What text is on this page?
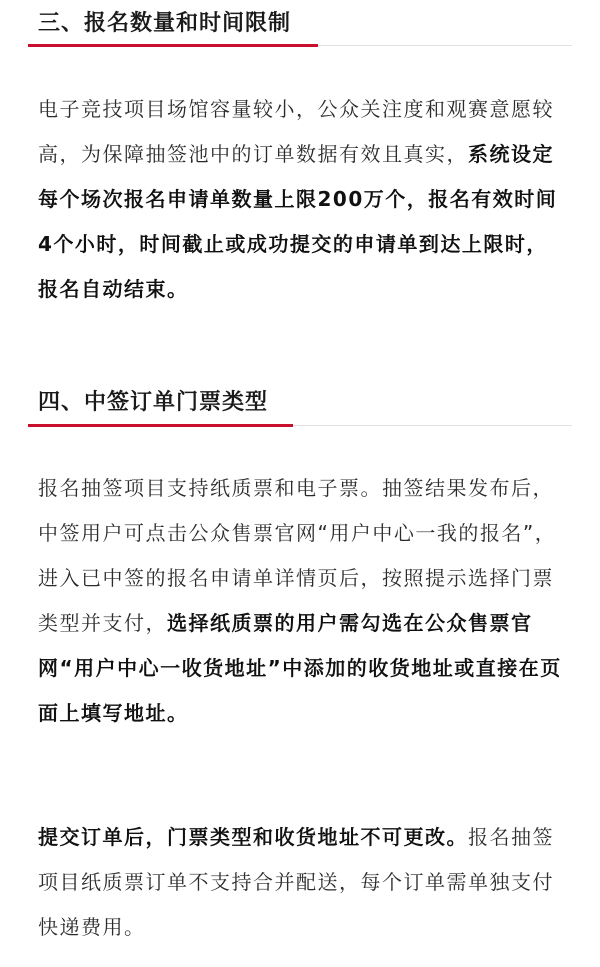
三、报名数量和时间限制
电子竞技项目场馆容量较小，公众关注度和观赛意愿较高，为保障抽签池中的订单数据有效且真实，系统设定每个场次报名申请单数量上限200万个，报名有效时间4个小时，时间截止或成功提交的申请单到达上限时，报名自动结束。
四、中签订单门票类型
报名抽签项目支持纸质票和电子票。抽签结果发布后，中签用户可点击公众售票官网“用户中心一我的报名”，进入已中签的报名申请单详情页后，按照提示选择门票类型并支付，选择纸质票的用户需勾选在公众售票官网“用户中心一收货地址”中添加的收货地址或直接在页面上填写地址。
提交订单后，门票类型和收货地址不可更改。报名抽签项目纸质票订单不支持合并配送，每个订单需单独支付快递费用。
